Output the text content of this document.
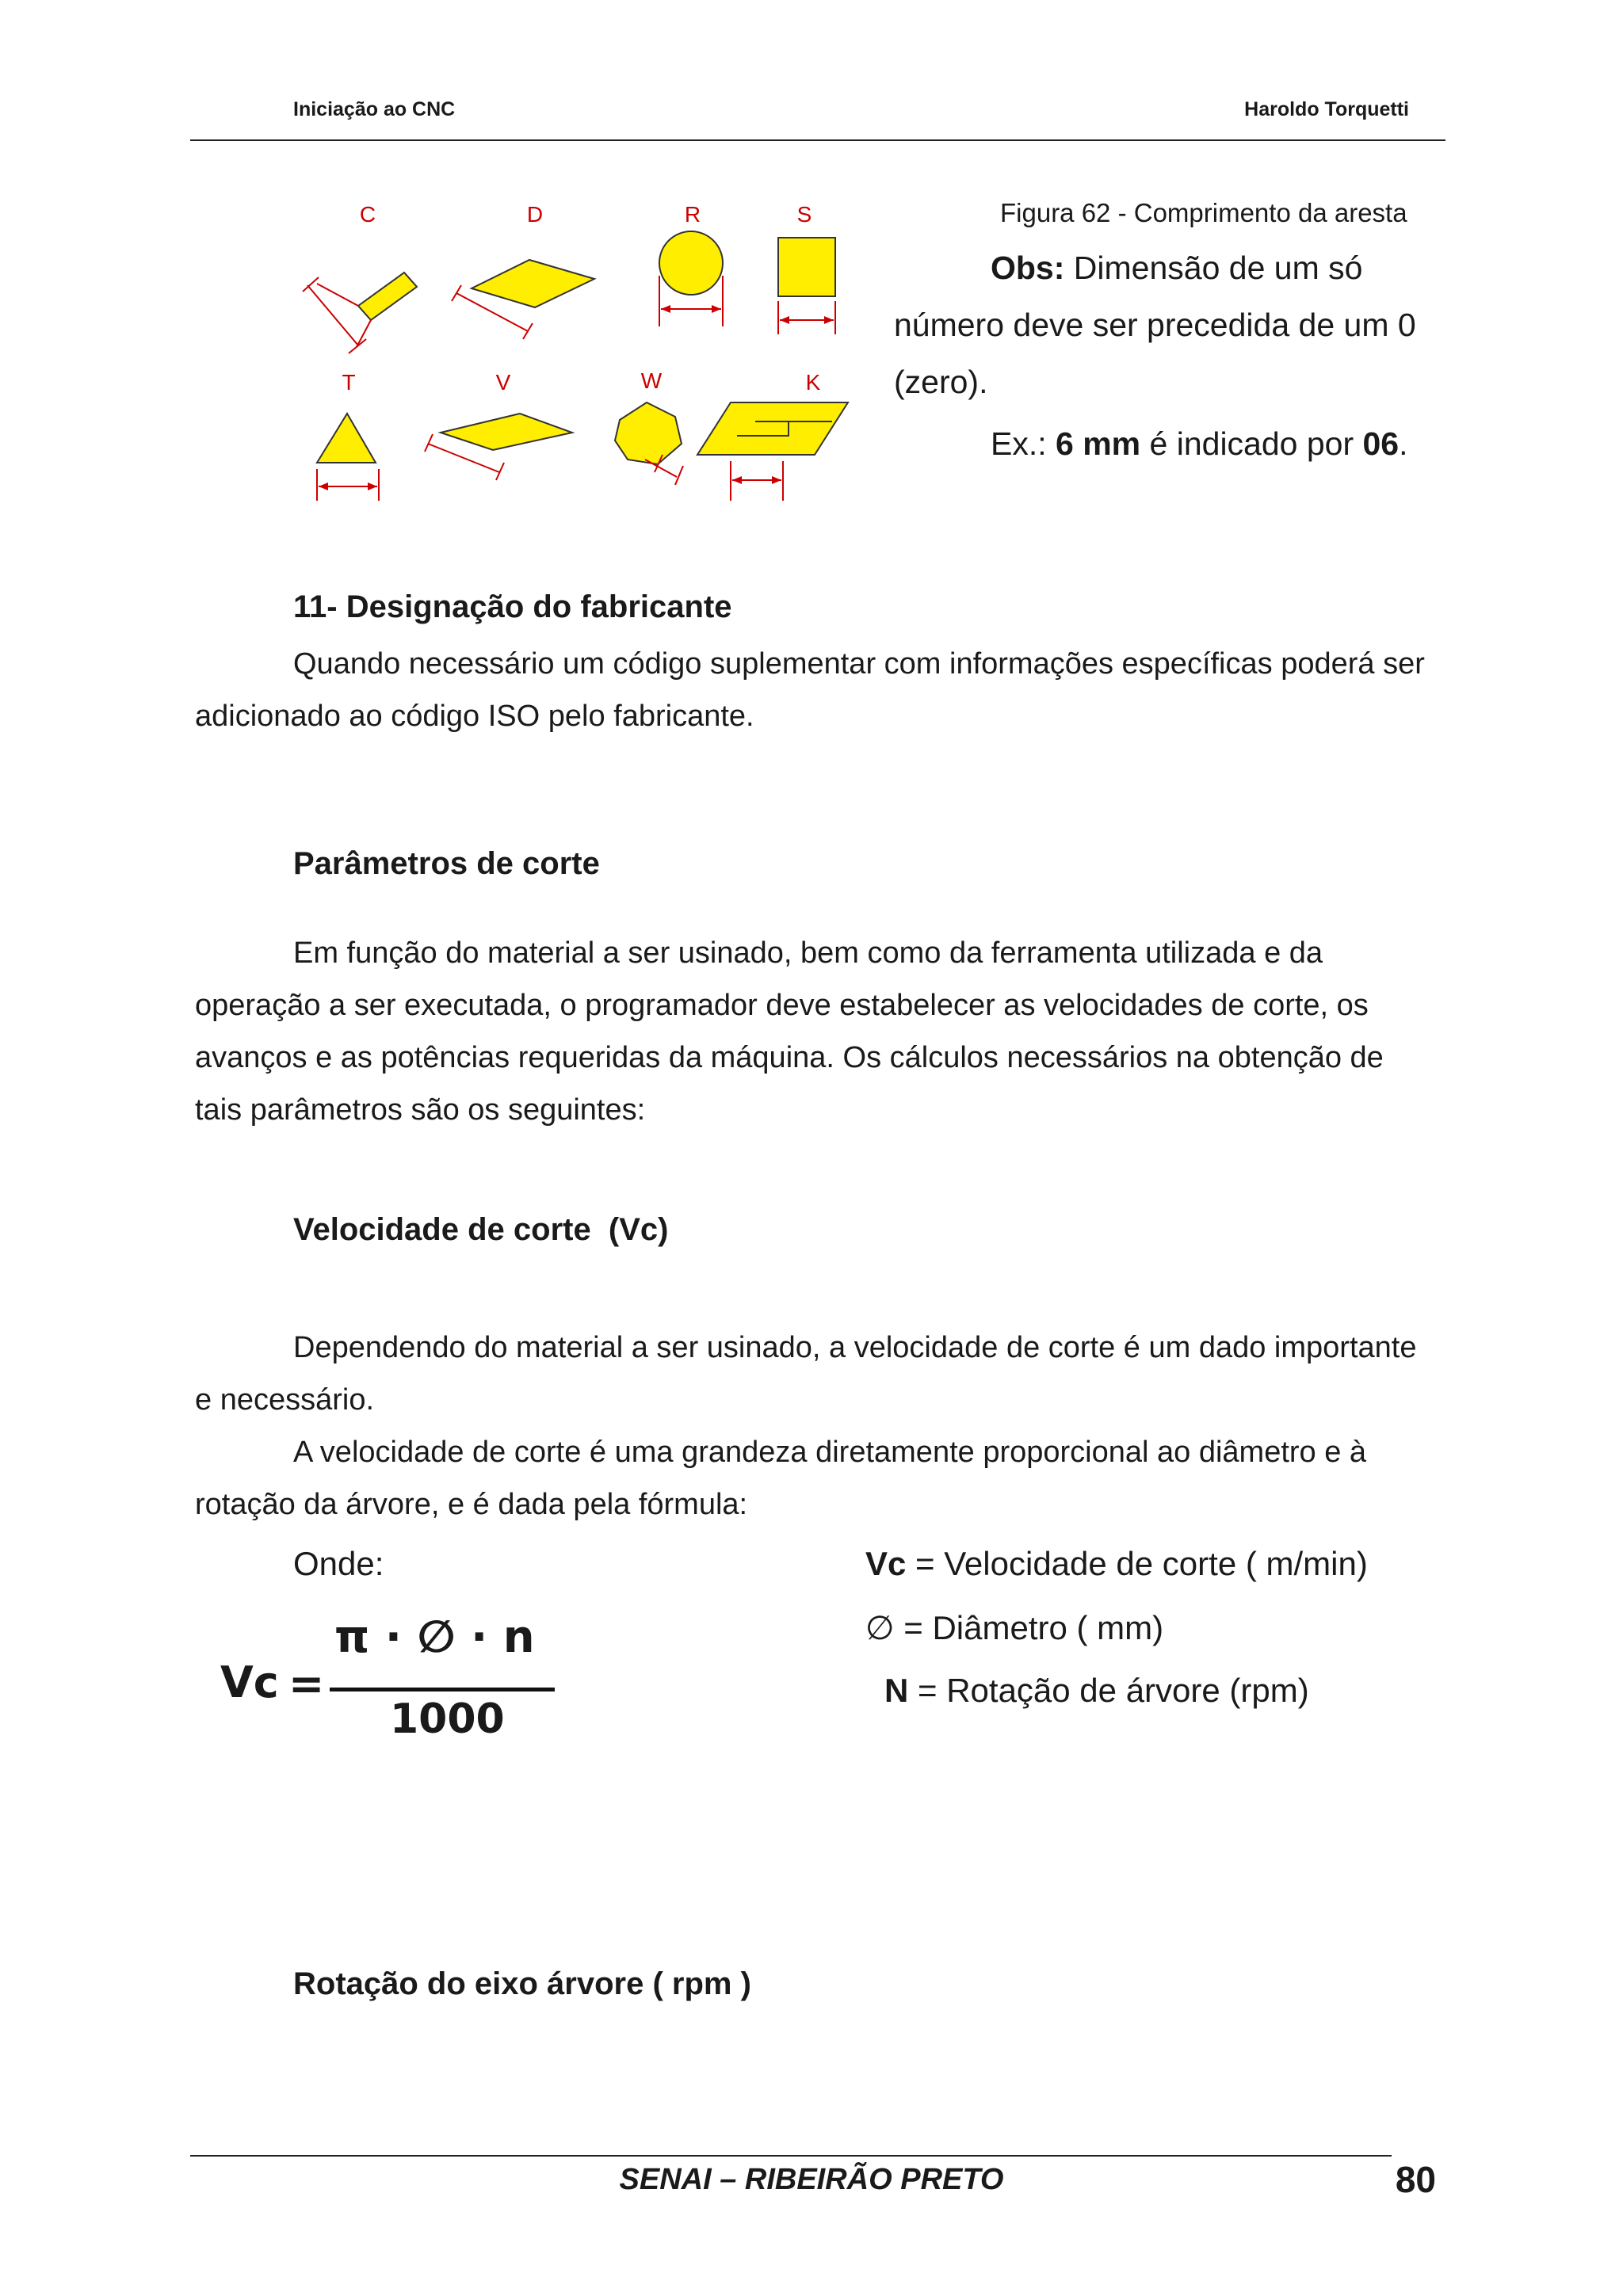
Iniciação ao CNC	Haroldo Torquetti
C	D	R	S
T	V	W	K
Figura 62 - Comprimento da aresta
Obs: Dimensão de um só
número deve ser precedida de um 0
(zero).
Ex.: 6 mm é indicado por 06.
11- Designação do fabricante

Quando necessário um código suplementar com informações específicas poderá ser adicionado ao código ISO pelo fabricante.

Parâmetros de corte

Em função do material a ser usinado, bem como da ferramenta utilizada e da operação a ser executada, o programador deve estabelecer as velocidades de corte, os avanços e as potências requeridas da máquina. Os cálculos necessários na obtenção de tais parâmetros são os seguintes:

Velocidade de corte  (Vc)

Dependendo do material a ser usinado, a velocidade de corte é um dado importante e necessário.

A velocidade de corte é uma grandeza diretamente proporcional ao diâmetro e à rotação da árvore, e é dada pela fórmula:

Onde:
Vc =
π · ∅ · n
1000
Vc = Velocidade de corte ( m/min)
∅ = Diâmetro ( mm)
N = Rotação de árvore (rpm)
Rotação do eixo árvore ( rpm )
SENAI – RIBEIRÃO PRETO	80
